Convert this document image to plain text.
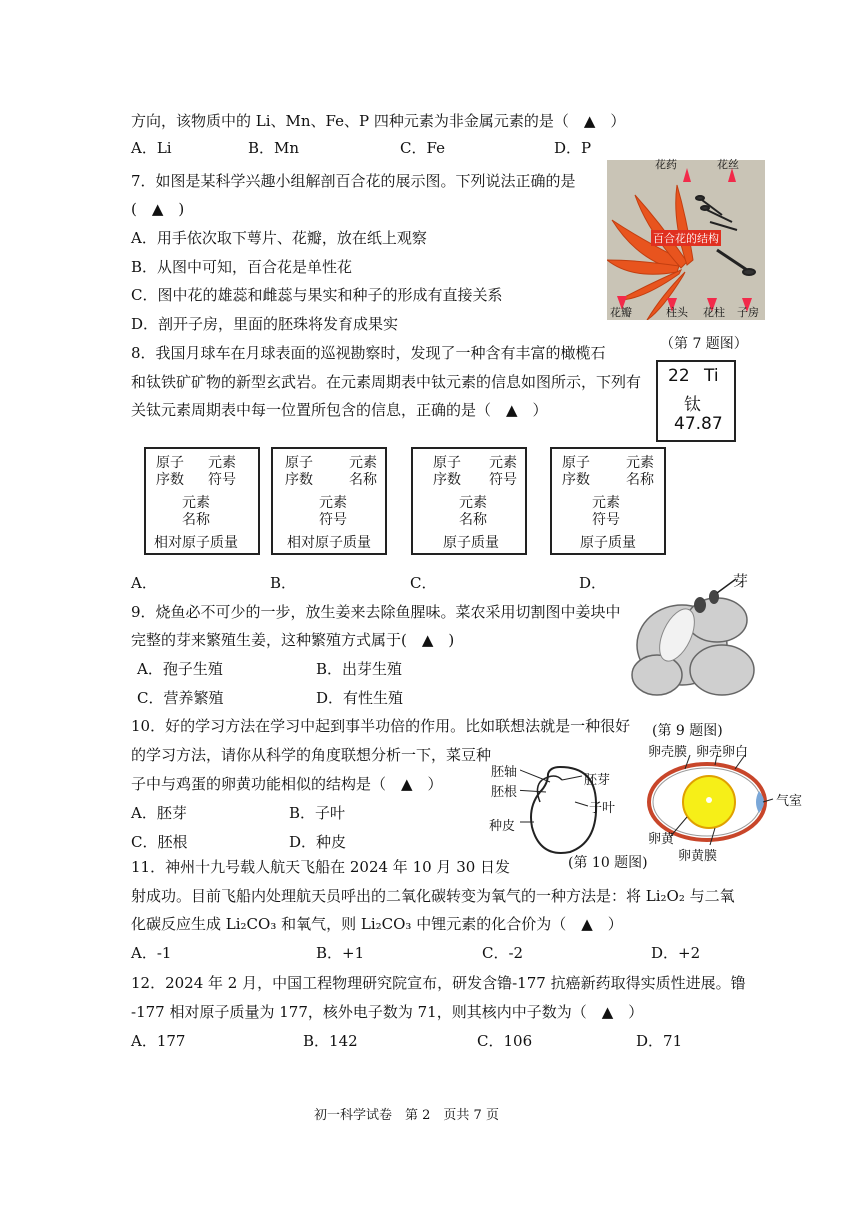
方向，该物质中的 Li、Mn、Fe、P 四种元素为非金属元素的是（　▲　）
A．Li	B．Mn	C．Fe	D．P
7．如图是某科学兴趣小组解剖百合花的展示图。下列说法正确的是
(　▲　)
A．用手依次取下萼片、花瓣，放在纸上观察
B．从图中可知，百合花是单性花
C．图中花的雄蕊和雌蕊与果实和种子的形成有直接关系
D．剖开子房，里面的胚珠将发育成果实
花药	花丝
百合花的结构
花瓣	柱头 花柱 子房
（第 7 题图）
8．我国月球车在月球表面的巡视勘察时，发现了一种含有丰富的橄榄石
和钛铁矿矿物的新型玄武岩。在元素周期表中钛元素的信息如图所示，下列有
关钛元素周期表中每一位置所包含的信息，正确的是（　▲　）
22 Ti
钛
47.87
原子
序数
元素
符号
元素
名称
相对原子质量
原子
序数
元素
名称
元素
符号
相对原子质量
原子
序数
元素
符号
元素
名称
原子质量
原子
序数
元素
名称
元素
符号
原子质量
A．	B．	C．	D．
9．烧鱼必不可少的一步，放生姜来去除鱼腥味。菜农采用切割图中姜块中
完整的芽来繁殖生姜，这种繁殖方式属于(　▲　)
A．孢子生殖	B．出芽生殖
C．营养繁殖	D．有性生殖
芽
(第 9 题图)
10．好的学习方法在学习中起到事半功倍的作用。比如联想法就是一种很好
的学习方法，请你从科学的角度联想分析一下，菜豆种
子中与鸡蛋的卵黄功能相似的结构是（　▲　）
A．胚芽	B．子叶
C．胚根	D．种皮
胚轴
胚根
胚芽
子叶
种皮
卵壳膜 卵壳 卵白
气室
卵黄
卵黄膜
(第 10 题图)
11．神州十九号载人航天飞船在 2024 年 10 月 30 日发
射成功。目前飞船内处理航天员呼出的二氧化碳转变为氧气的一种方法是：将 Li₂O₂ 与二氧
化碳反应生成 Li₂CO₃ 和氧气，则 Li₂CO₃ 中锂元素的化合价为（　▲　）
A．-1	B．+1	C．-2	D．+2
12．2024 年 2 月，中国工程物理研究院宣布，研发含镥-177 抗癌新药取得实质性进展。镥
-177 相对原子质量为 177，核外电子数为 71，则其核内中子数为（　▲　）
A．177	B．142	C．106	D．71
初一科学试卷　第 2　页共 7 页
